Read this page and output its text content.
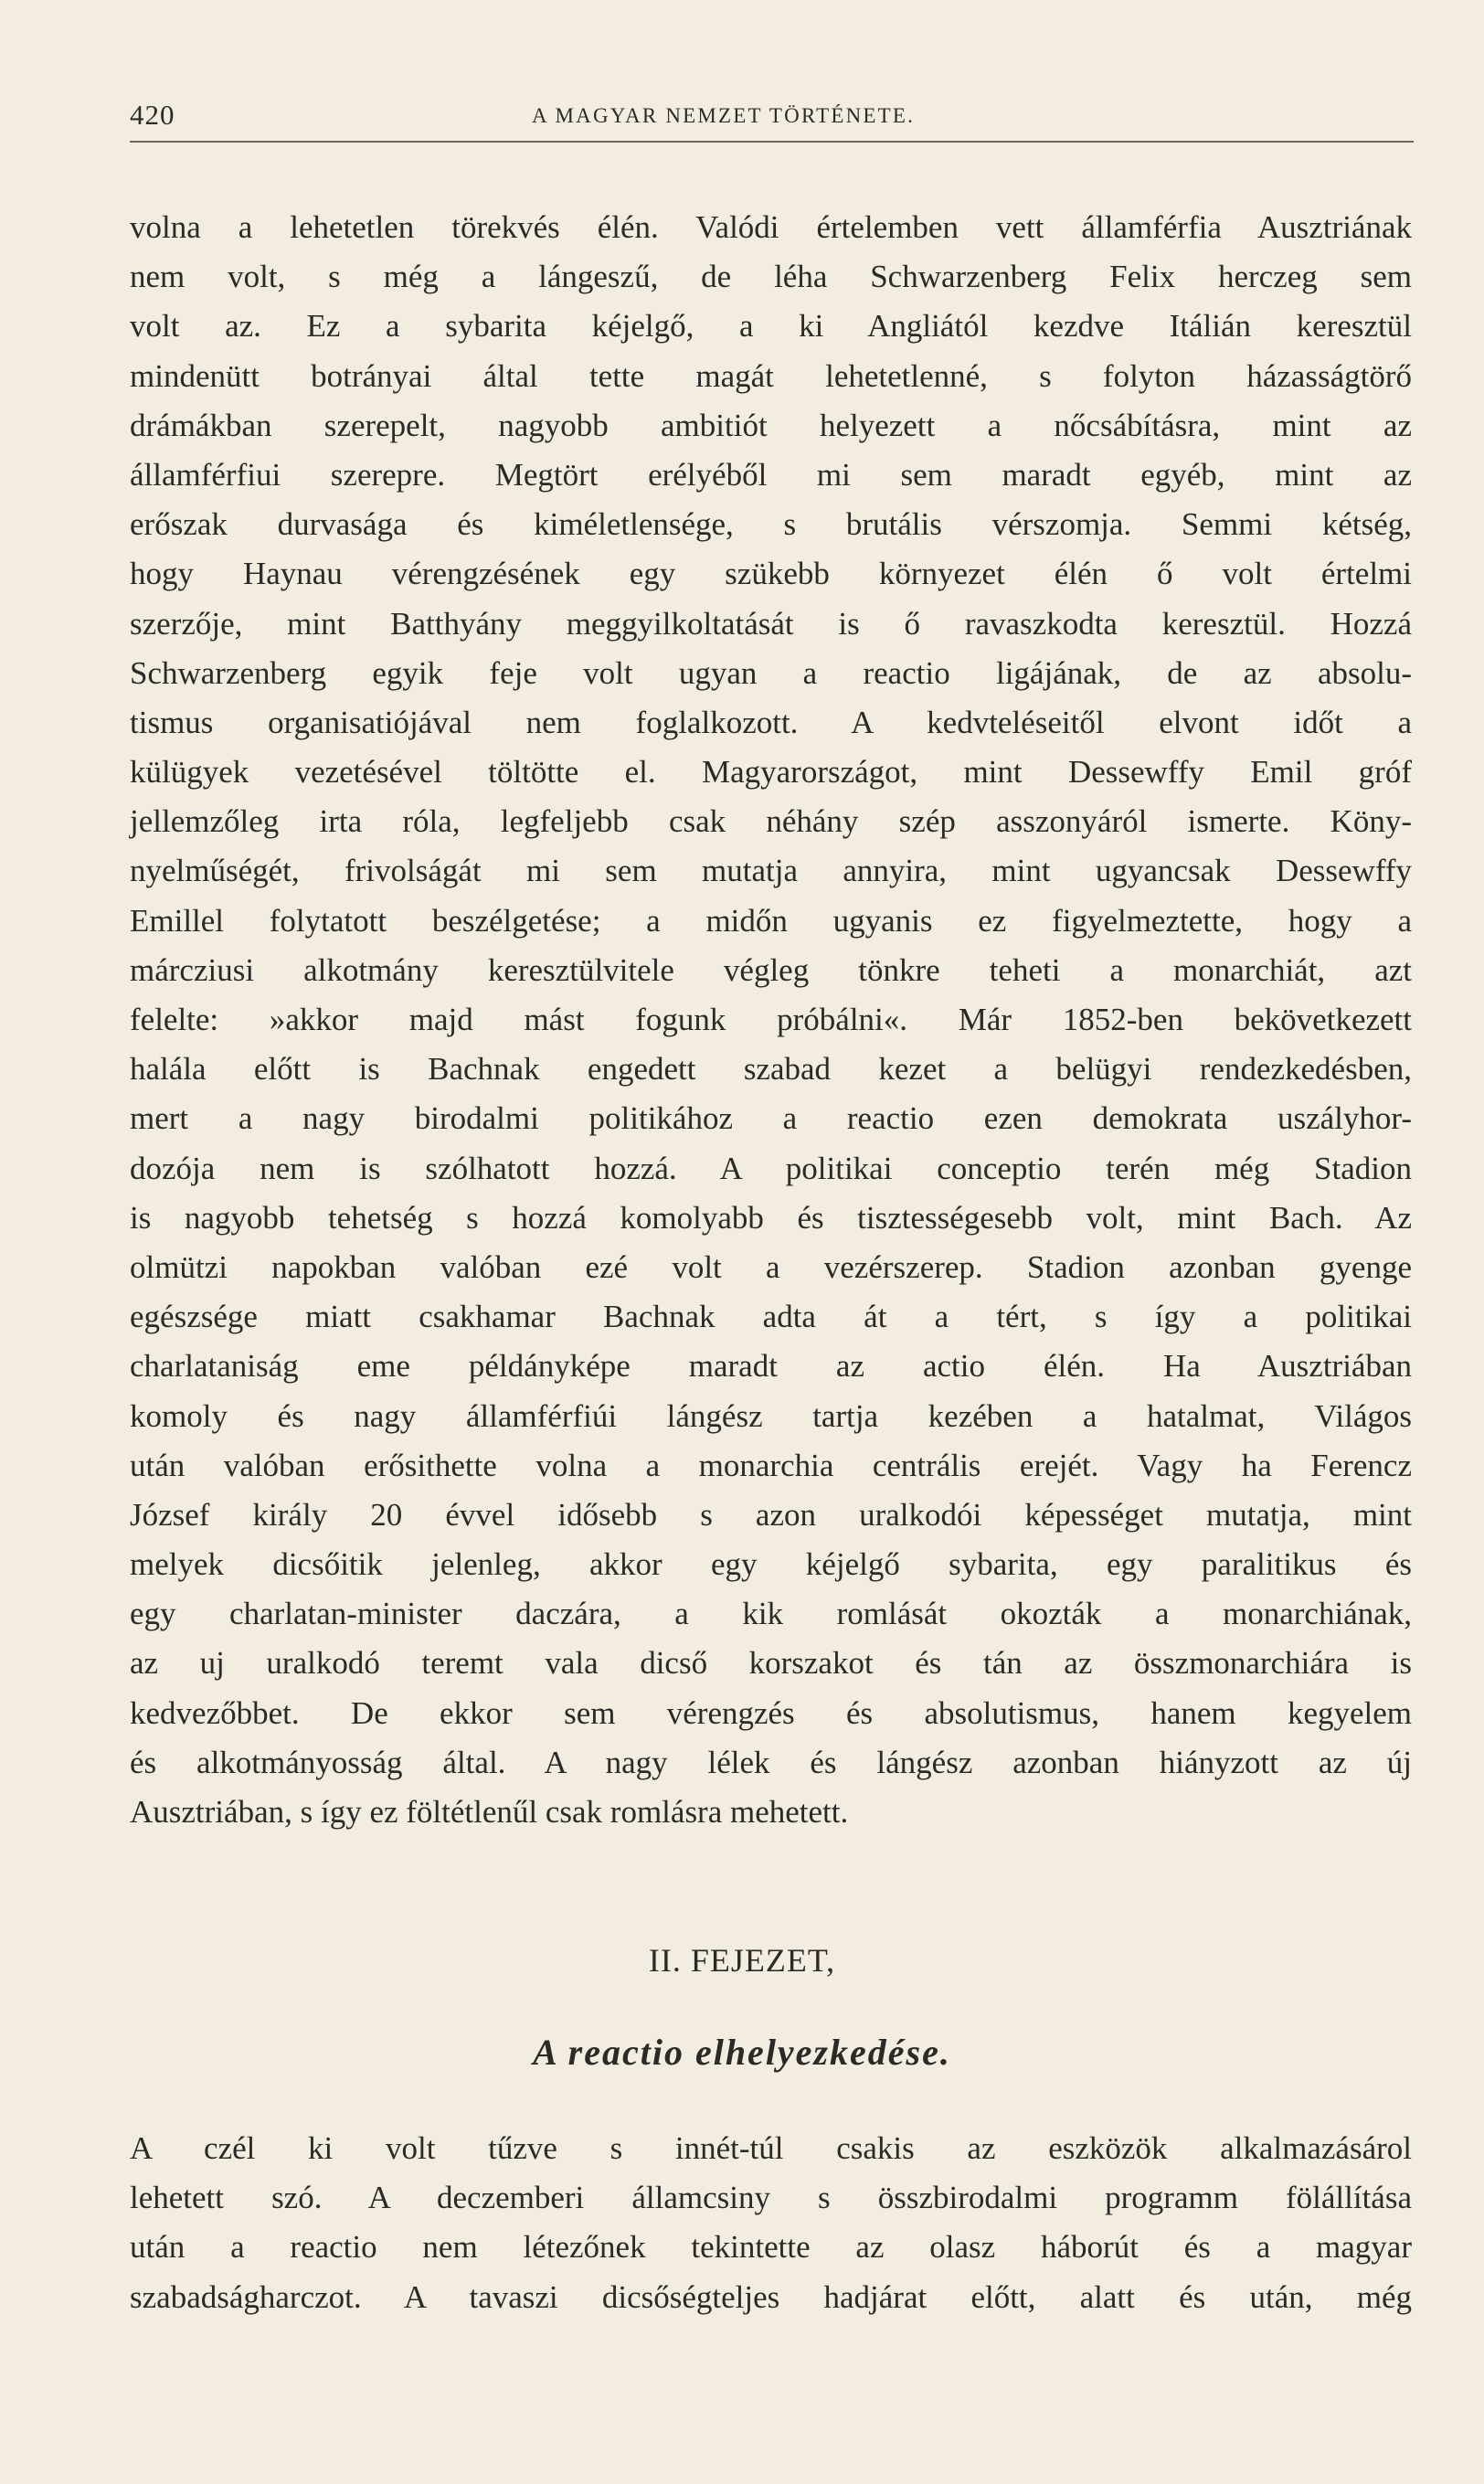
420	A MAGYAR NEMZET TÖRTÉNETE.
volna a lehetetlen törekvés élén. Valódi értelemben vett államférfia Ausztriának
nem volt, s még a lángeszű, de léha Schwarzenberg Felix herczeg sem
volt az. Ez a sybarita kéjelgő, a ki Angliától kezdve Itálián keresztül
mindenütt botrányai által tette magát lehetetlenné, s folyton házasságtörő
drámákban szerepelt, nagyobb ambitiót helyezett a nőcsábításra, mint az
államférfiui szerepre. Megtört erélyéből mi sem maradt egyéb, mint az
erőszak durvasága és kiméletlensége, s brutális vérszomja. Semmi kétség,
hogy Haynau vérengzésének egy szükebb környezet élén ő volt értelmi
szerzője, mint Batthyány meggyilkoltatását is ő ravaszkodta keresztül. Hozzá
Schwarzenberg egyik feje volt ugyan a reactio ligájának, de az absolu-
tismus organisatiójával nem foglalkozott. A kedvteléseitől elvont időt a
külügyek vezetésével töltötte el. Magyarországot, mint Dessewffy Emil gróf
jellemzőleg irta róla, legfeljebb csak néhány szép asszonyáról ismerte. Köny-
nyelműségét, frivolságát mi sem mutatja annyira, mint ugyancsak Dessewffy
Emillel folytatott beszélgetése; a midőn ugyanis ez figyelmeztette, hogy a
márcziusi alkotmány keresztülvitele végleg tönkre teheti a monarchiát, azt
felelte: »akkor majd mást fogunk próbálni«. Már 1852-ben bekövetkezett
halála előtt is Bachnak engedett szabad kezet a belügyi rendezkedésben,
mert a nagy birodalmi politikához a reactio ezen demokrata uszályhor-
dozója nem is szólhatott hozzá. A politikai conceptio terén még Stadion
is nagyobb tehetség s hozzá komolyabb és tisztességesebb volt, mint Bach. Az
olmützi napokban valóban ezé volt a vezérszerep. Stadion azonban gyenge
egészsége miatt csakhamar Bachnak adta át a tért, s így a politikai
charlataniság eme példányképe maradt az actio élén. Ha Ausztriában
komoly és nagy államférfiúi lángész tartja kezében a hatalmat, Világos
után valóban erősithette volna a monarchia centrális erejét. Vagy ha Ferencz
József király 20 évvel idősebb s azon uralkodói képességet mutatja, mint
melyek dicsőitik jelenleg, akkor egy kéjelgő sybarita, egy paralitikus és
egy charlatan-minister daczára, a kik romlását okozták a monarchiának,
az uj uralkodó teremt vala dicső korszakot és tán az összmonarchiára is
kedvezőbbet. De ekkor sem vérengzés és absolutismus, hanem kegyelem
és alkotmányosság által. A nagy lélek és lángész azonban hiányzott az új
Ausztriában, s így ez föltétlenűl csak romlásra mehetett.
II. FEJEZET,
A reactio elhelyezkedése.
A czél ki volt tűzve s innét-túl csakis az eszközök alkalmazásárol
lehetett szó. A deczemberi államcsiny s összbirodalmi programm fölállítása
után a reactio nem létezőnek tekintette az olasz háborút és a magyar
szabadságharczot. A tavaszi dicsőségteljes hadjárat előtt, alatt és után, még
